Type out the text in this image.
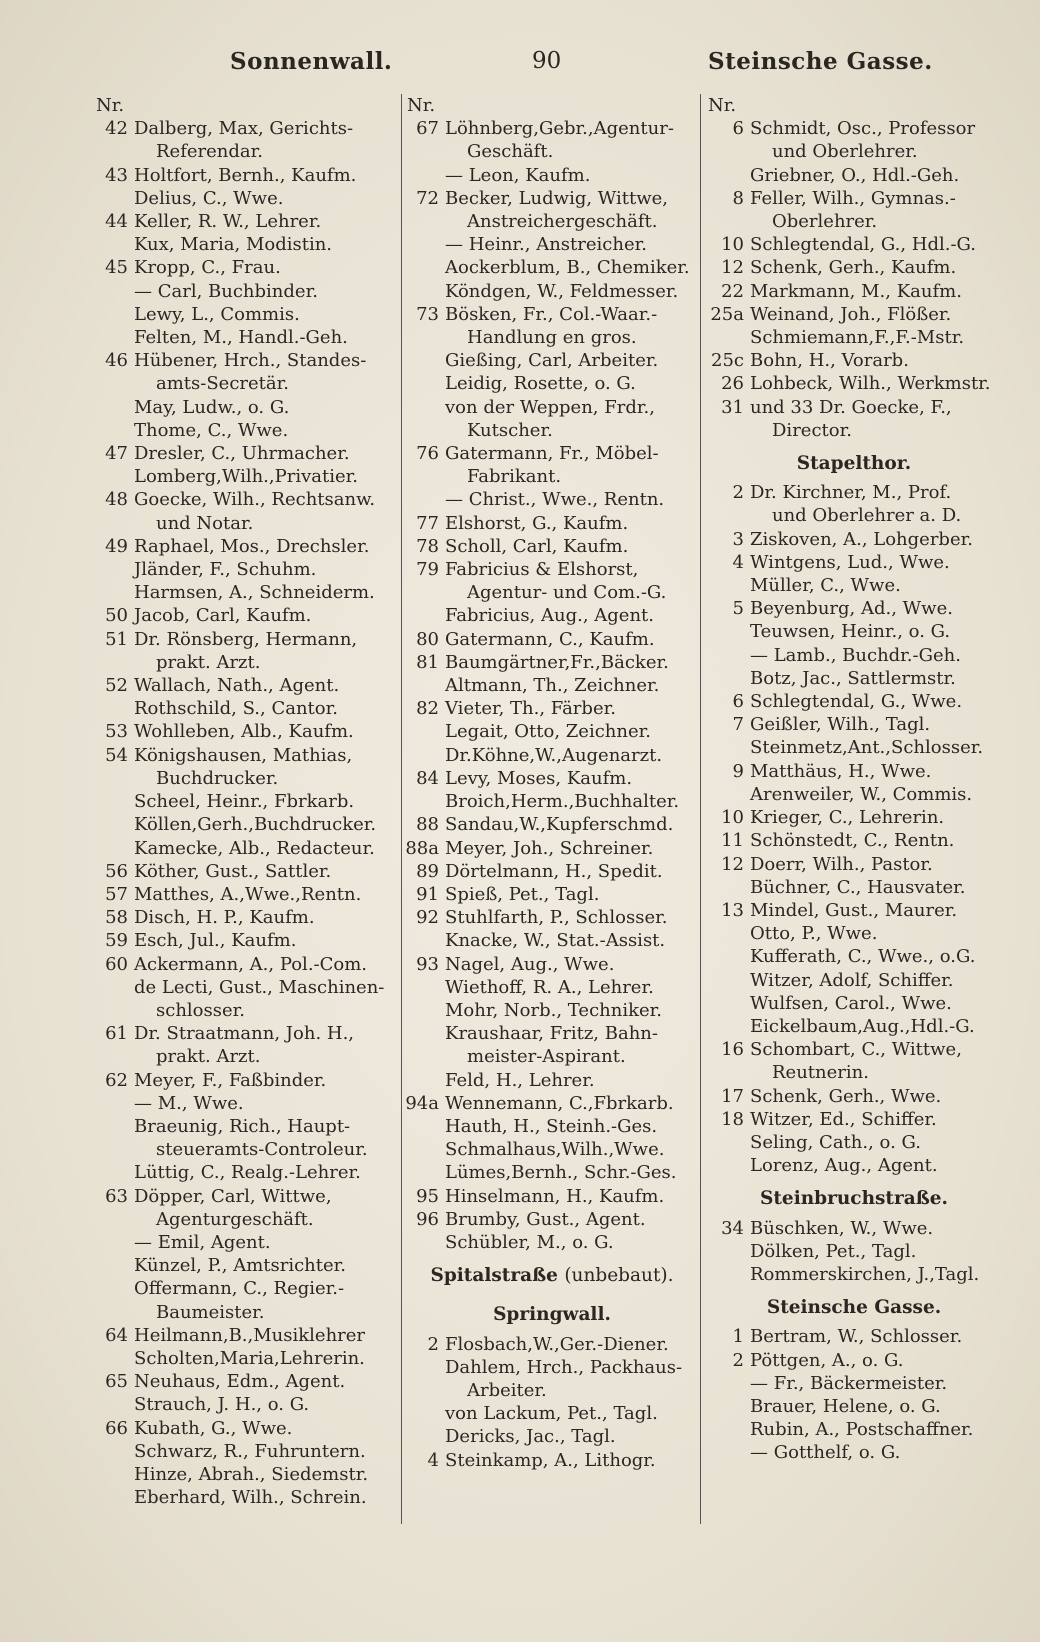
Sonnenwall.	90	Steinsche Gasse.
Nr.
42 Dalberg, Max, Gerichts-
Referendar.
43 Holtfort, Bernh., Kaufm.
Delius, C., Wwe.
44 Keller, R. W., Lehrer.
Kux, Maria, Modistin.
45 Kropp, C., Frau.
— Carl, Buchbinder.
Lewy, L., Commis.
Felten, M., Handl.-Geh.
46 Hübener, Hrch., Standes-
amts-Secretär.
May, Ludw., o. G.
Thome, C., Wwe.
47 Dresler, C., Uhrmacher.
Lomberg,Wilh.,Privatier.
48 Goecke, Wilh., Rechtsanw.
und Notar.
49 Raphael, Mos., Drechsler.
Jländer, F., Schuhm.
Harmsen, A., Schneiderm.
50 Jacob, Carl, Kaufm.
51 Dr. Rönsberg, Hermann,
prakt. Arzt.
52 Wallach, Nath., Agent.
Rothschild, S., Cantor.
53 Wohlleben, Alb., Kaufm.
54 Königshausen, Mathias,
Buchdrucker.
Scheel, Heinr., Fbrkarb.
Köllen,Gerh.,Buchdrucker.
Kamecke, Alb., Redacteur.
56 Köther, Gust., Sattler.
57 Matthes, A.,Wwe.,Rentn.
58 Disch, H. P., Kaufm.
59 Esch, Jul., Kaufm.
60 Ackermann, A., Pol.-Com.
de Lecti, Gust., Maschinen-
schlosser.
61 Dr. Straatmann, Joh. H.,
prakt. Arzt.
62 Meyer, F., Faßbinder.
— M., Wwe.
Braeunig, Rich., Haupt-
steueramts-Controleur.
Lüttig, C., Realg.-Lehrer.
63 Döpper, Carl, Wittwe,
Agenturgeschäft.
— Emil, Agent.
Künzel, P., Amtsrichter.
Offermann, C., Regier.-
Baumeister.
64 Heilmann,B.,Musiklehrer
Scholten,Maria,Lehrerin.
65 Neuhaus, Edm., Agent.
Strauch, J. H., o. G.
66 Kubath, G., Wwe.
Schwarz, R., Fuhruntern.
Hinze, Abrah., Siedemstr.
Eberhard, Wilh., Schrein.
Nr.
67 Löhnberg,Gebr.,Agentur-
Geschäft.
— Leon, Kaufm.
72 Becker, Ludwig, Wittwe,
Anstreichergeschäft.
— Heinr., Anstreicher.
Aockerblum, B., Chemiker.
Köndgen, W., Feldmesser.
73 Bösken, Fr., Col.-Waar.-
Handlung en gros.
Gießing, Carl, Arbeiter.
Leidig, Rosette, o. G.
von der Weppen, Frdr.,
Kutscher.
76 Gatermann, Fr., Möbel-
Fabrikant.
— Christ., Wwe., Rentn.
77 Elshorst, G., Kaufm.
78 Scholl, Carl, Kaufm.
79 Fabricius & Elshorst,
Agentur- und Com.-G.
Fabricius, Aug., Agent.
80 Gatermann, C., Kaufm.
81 Baumgärtner,Fr.,Bäcker.
Altmann, Th., Zeichner.
82 Vieter, Th., Färber.
Legait, Otto, Zeichner.
Dr.Köhne,W.,Augenarzt.
84 Levy, Moses, Kaufm.
Broich,Herm.,Buchhalter.
88 Sandau,W.,Kupferschmd.
88a Meyer, Joh., Schreiner.
89 Dörtelmann, H., Spedit.
91 Spieß, Pet., Tagl.
92 Stuhlfarth, P., Schlosser.
Knacke, W., Stat.-Assist.
93 Nagel, Aug., Wwe.
Wiethoff, R. A., Lehrer.
Mohr, Norb., Techniker.
Kraushaar, Fritz, Bahn-
meister-Aspirant.
Feld, H., Lehrer.
94a Wennemann, C.,Fbrkarb.
Hauth, H., Steinh.-Ges.
Schmalhaus,Wilh.,Wwe.
Lümes,Bernh., Schr.-Ges.
95 Hinselmann, H., Kaufm.
96 Brumby, Gust., Agent.
Schübler, M., o. G.
Spitalstraße (unbebaut).
Springwall.
2 Flosbach,W.,Ger.-Diener.
Dahlem, Hrch., Packhaus-
Arbeiter.
von Lackum, Pet., Tagl.
Dericks, Jac., Tagl.
4 Steinkamp, A., Lithogr.
Nr.
6 Schmidt, Osc., Professor
und Oberlehrer.
Griebner, O., Hdl.-Geh.
8 Feller, Wilh., Gymnas.-
Oberlehrer.
10 Schlegtendal, G., Hdl.-G.
12 Schenk, Gerh., Kaufm.
22 Markmann, M., Kaufm.
25a Weinand, Joh., Flößer.
Schmiemann,F.,F.-Mstr.
25c Bohn, H., Vorarb.
26 Lohbeck, Wilh., Werkmstr.
31 und 33 Dr. Goecke, F.,
Director.
Stapelthor.
2 Dr. Kirchner, M., Prof.
und Oberlehrer a. D.
3 Ziskoven, A., Lohgerber.
4 Wintgens, Lud., Wwe.
Müller, C., Wwe.
5 Beyenburg, Ad., Wwe.
Teuwsen, Heinr., o. G.
— Lamb., Buchdr.-Geh.
Botz, Jac., Sattlermstr.
6 Schlegtendal, G., Wwe.
7 Geißler, Wilh., Tagl.
Steinmetz,Ant.,Schlosser.
9 Matthäus, H., Wwe.
Arenweiler, W., Commis.
10 Krieger, C., Lehrerin.
11 Schönstedt, C., Rentn.
12 Doerr, Wilh., Pastor.
Büchner, C., Hausvater.
13 Mindel, Gust., Maurer.
Otto, P., Wwe.
Kufferath, C., Wwe., o.G.
Witzer, Adolf, Schiffer.
Wulfsen, Carol., Wwe.
Eickelbaum,Aug.,Hdl.-G.
16 Schombart, C., Wittwe,
Reutnerin.
17 Schenk, Gerh., Wwe.
18 Witzer, Ed., Schiffer.
Seling, Cath., o. G.
Lorenz, Aug., Agent.
Steinbruchstraße.
34 Büschken, W., Wwe.
Dölken, Pet., Tagl.
Rommerskirchen, J.,Tagl.
Steinsche Gasse.
1 Bertram, W., Schlosser.
2 Pöttgen, A., o. G.
— Fr., Bäckermeister.
Brauer, Helene, o. G.
Rubin, A., Postschaffner.
— Gotthelf, o. G.
